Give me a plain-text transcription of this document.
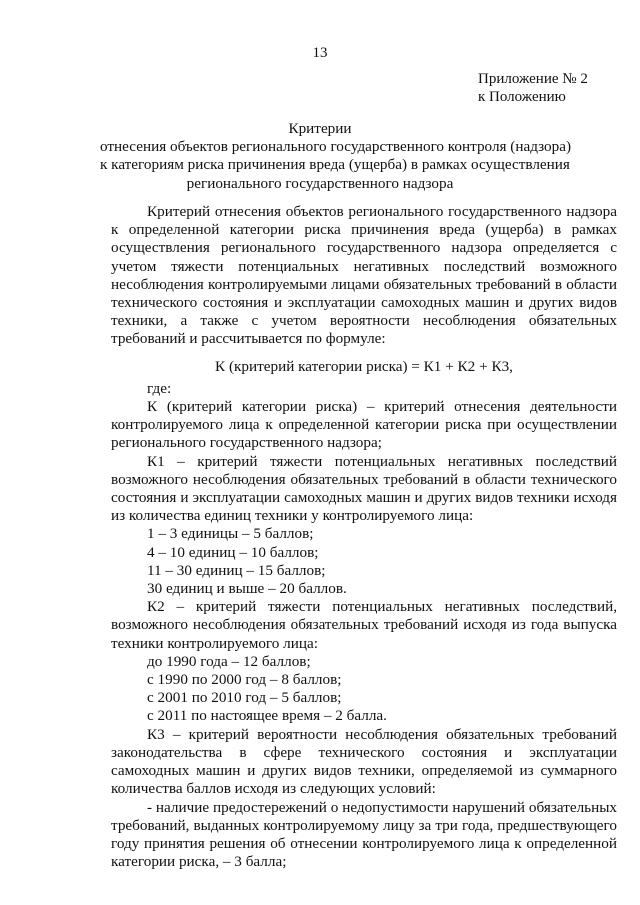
13
Приложение № 2
к Положению
Критерии
отнесения объектов регионального государственного контроля (надзора)
к категориям риска причинения вреда (ущерба) в рамках осуществления
регионального государственного надзора

Критерий отнесения объектов регионального государственного надзора к определенной категории риска причинения вреда (ущерба) в рамках осуществления регионального государственного надзора определяется с учетом тяжести потенциальных негативных последствий возможного несоблюдения контролируемыми лицами обязательных требований в области технического состояния и эксплуатации самоходных машин и других видов техники, а также с учетом вероятности несоблюдения обязательных требований и рассчитывается по формуле:

К (критерий категории риска) = К1 + К2 + К3,

где:

К (критерий категории риска) – критерий отнесения деятельности контролируемого лица к определенной категории риска при осуществлении регионального государственного надзора;

К1 – критерий тяжести потенциальных негативных последствий возможного несоблюдения обязательных требований в области технического состояния и эксплуатации самоходных машин и других видов техники исходя из количества единиц техники у контролируемого лица:

1 – 3 единицы – 5 баллов;

4 – 10 единиц – 10 баллов;

11 – 30 единиц – 15 баллов;

30 единиц и выше – 20 баллов.

К2 – критерий тяжести потенциальных негативных последствий, возможного несоблюдения обязательных требований исходя из года выпуска техники контролируемого лица:

до 1990 года – 12 баллов;

с 1990 по 2000 год – 8 баллов;

с 2001 по 2010 год – 5 баллов;

с 2011 по настоящее время – 2 балла.

К3 – критерий вероятности несоблюдения обязательных требований законодательства в сфере технического состояния и эксплуатации самоходных машин и других видов техники, определяемой из суммарного количества баллов исходя из следующих условий:

- наличие предостережений о недопустимости нарушений обязательных требований, выданных контролируемому лицу за три года, предшествующего году принятия решения об отнесении контролируемого лица к определенной категории риска, – 3 балла;
